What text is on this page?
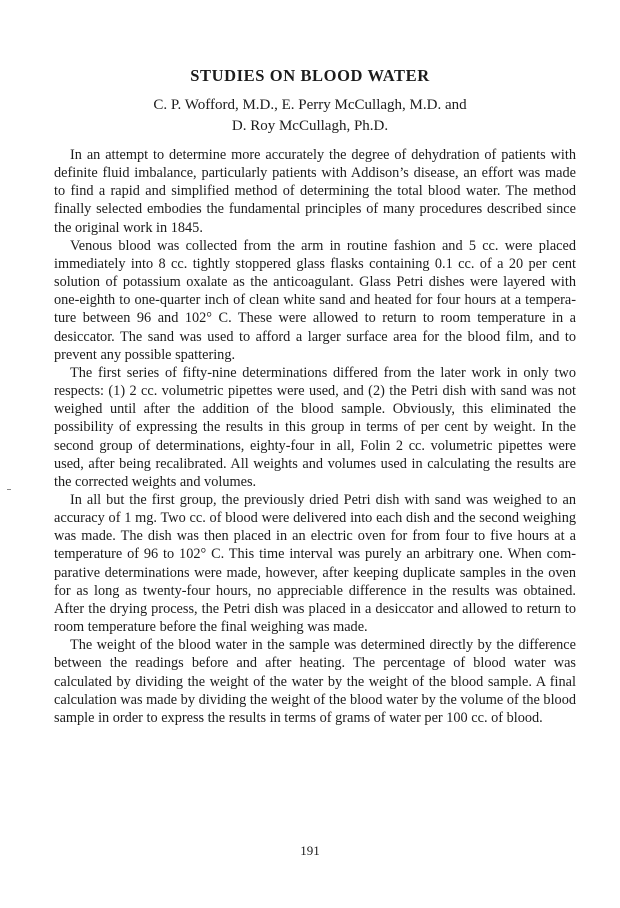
STUDIES ON BLOOD WATER
C. P. Wofford, M.D., E. Perry McCullagh, M.D. and
D. Roy McCullagh, Ph.D.

In an attempt to determine more accurately the degree of dehydration of patients with definite fluid imbalance, particularly patients with Addison’s disease, an effort was made to find a rapid and simplified method of determining the total blood water. The method finally selected embodies the fundamental principles of many procedures described since the original work in 1845.

Venous blood was collected from the arm in routine fashion and 5 cc. were placed immediately into 8 cc. tightly stoppered glass flasks containing 0.1 cc. of a 20 per cent solution of potassium oxalate as the anticoagulant. Glass Petri dishes were layered with one-eighth to one-quarter inch of clean white sand and heated for four hours at a temperature between 96 and 102° C. These were allowed to return to room temperature in a desiccator. The sand was used to afford a larger surface area for the blood film, and to prevent any possible spattering.

The first series of fifty-nine determinations differed from the later work in only two respects: (1) 2 cc. volumetric pipettes were used, and (2) the Petri dish with sand was not weighed until after the addition of the blood sample. Obviously, this eliminated the possibility of expressing the results in this group in terms of per cent by weight. In the second group of determinations, eighty-four in all, Folin 2 cc. volumetric pipettes were used, after being recalibrated. All weights and volumes used in calculating the results are the corrected weights and volumes.

In all but the first group, the previously dried Petri dish with sand was weighed to an accuracy of 1 mg. Two cc. of blood were delivered into each dish and the second weighing was made. The dish was then placed in an electric oven for from four to five hours at a temperature of 96 to 102° C. This time interval was purely an arbitrary one. When comparative determinations were made, however, after keeping duplicate samples in the oven for as long as twenty-four hours, no appreciable difference in the results was obtained. After the drying process, the Petri dish was placed in a desiccator and allowed to return to room temperature before the final weighing was made.

The weight of the blood water in the sample was determined directly by the difference between the readings before and after heating. The percentage of blood water was calculated by dividing the weight of the water by the weight of the blood sample. A final calculation was made by dividing the weight of the blood water by the volume of the blood sample in order to express the results in terms of grams of water per 100 cc. of blood.

191
